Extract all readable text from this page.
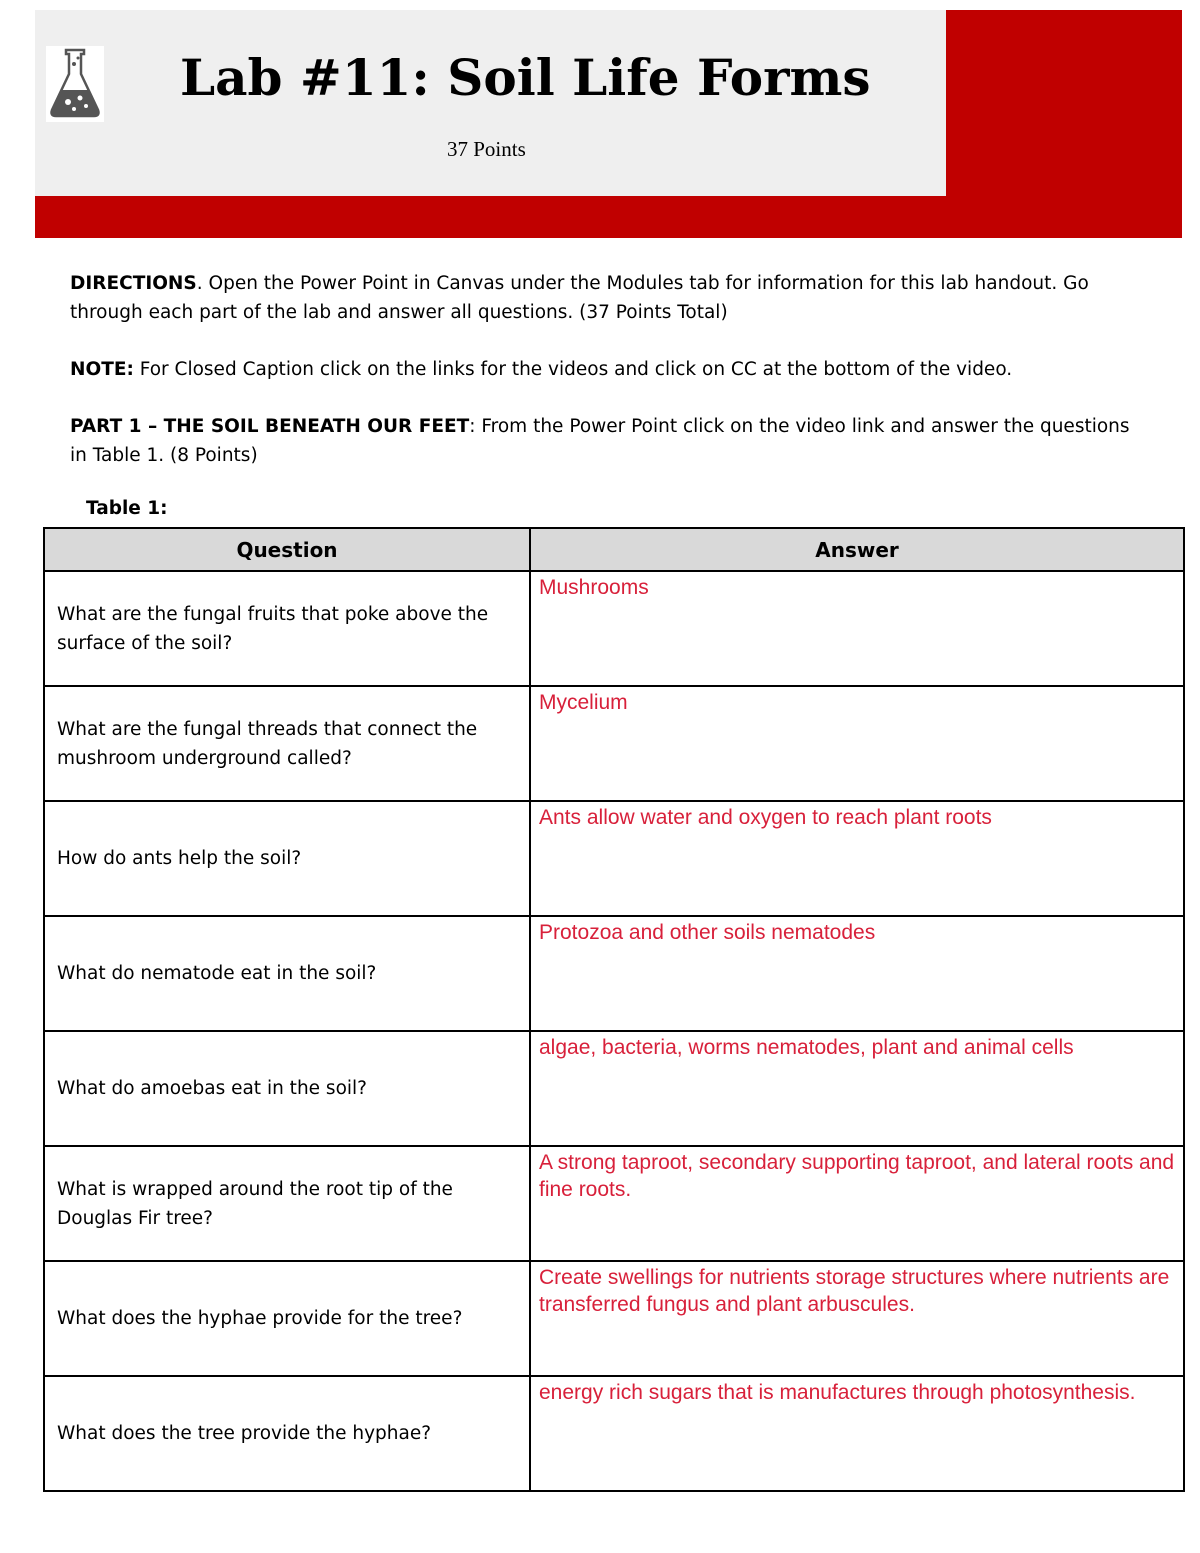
Lab #11: Soil Life Forms
37 Points
DIRECTIONS. Open the Power Point in Canvas under the Modules tab for information for this lab handout. Go through each part of the lab and answer all questions. (37 Points Total)
NOTE: For Closed Caption click on the links for the videos and click on CC at the bottom of the video.
PART 1 – THE SOIL BENEATH OUR FEET: From the Power Point click on the video link and answer the questions in Table 1. (8 Points)
Table 1:
Question	Answer
What are the fungal fruits that poke above the surface of the soil?	Mushrooms
What are the fungal threads that connect the mushroom underground called?	Mycelium
How do ants help the soil?	Ants allow water and oxygen to reach plant roots
What do nematode eat in the soil?	Protozoa and other soils nematodes
What do amoebas eat in the soil?	algae, bacteria, worms nematodes, plant and animal cells
What is wrapped around the root tip of the Douglas Fir tree?	A strong taproot, secondary supporting taproot, and lateral roots and fine roots.
What does the hyphae provide for the tree?	Create swellings for nutrients storage structures where nutrients are transferred fungus and plant arbuscules.
What does the tree provide the hyphae?	energy rich sugars that is manufactures through photosynthesis.
